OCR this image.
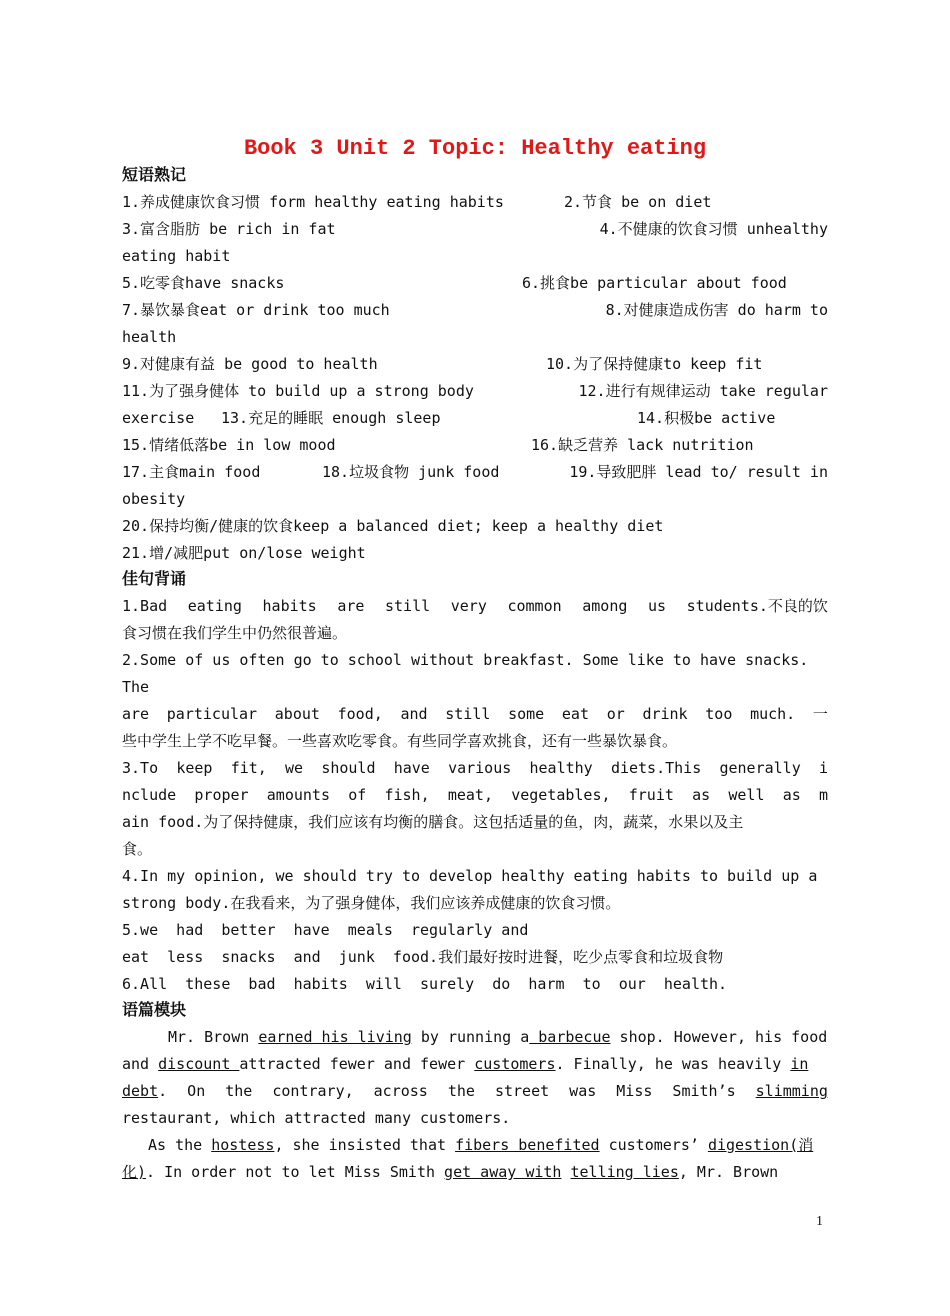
Book 3 Unit 2 Topic: Healthy eating
短语熟记
1.养成健康饮食习惯 form healthy eating habits	2.节食 be on diet
3.富含脂肪 be rich in fat	4.不健康的饮食习惯 unhealthy
eating habit
5.吃零食have snacks	6.挑食be particular about food
7.暴饮暴食eat or drink too much	8.对健康造成伤害 do harm to
health
9.对健康有益 be good to health	10.为了保持健康to keep fit
11.为了强身健体 to build up a strong body	12.进行有规律运动 take regular
exercise 13.充足的睡眠 enough sleep	14.积极be active
15.情绪低落be in low mood	16.缺乏营养 lack nutrition
17.主食main food	18.垃圾食物 junk food	19.导致肥胖 lead to/ result in
obesity
20.保持均衡/健康的饮食keep a balanced diet; keep a healthy diet
21.增/减肥put on/lose weight
佳句背诵
1.Bad eating habits are still very common among us students.不良的饮
食习惯在我们学生中仍然很普遍。
2.Some of us often go to school without breakfast. Some like to have snacks.
The
are particular about food, and still some eat or drink too much. 一
些中学生上学不吃早餐。一些喜欢吃零食。有些同学喜欢挑食，还有一些暴饮暴食。
3.To keep fit, we should have various healthy diets.This generally i
nclude proper amounts of fish, meat, vegetables, fruit as well as m
ain food.为了保持健康，我们应该有均衡的膳食。这包括适量的鱼，肉，蔬菜，水果以及主
食。
4.In my opinion, we should try to develop healthy eating habits to build up a
strong body.在我看来，为了强身健体，我们应该养成健康的饮食习惯。
5.we  had  better  have  meals  regularly and
eat  less  snacks  and  junk  food.我们最好按时进餐，吃少点零食和垃圾食物
6.All  these  bad  habits  will  surely  do  harm  to  our  health.
语篇模块
Mr. Brown earned his living by running a barbecue shop. However, his food
and discount attracted fewer and fewer customers. Finally, he was heavily in
debt. On the contrary, across the street was Miss Smith’s slimming
restaurant, which attracted many customers.
As the hostess, she insisted that fibers benefited customers’ digestion(消
化). In order not to let Miss Smith get away with telling lies, Mr. Brown
1
